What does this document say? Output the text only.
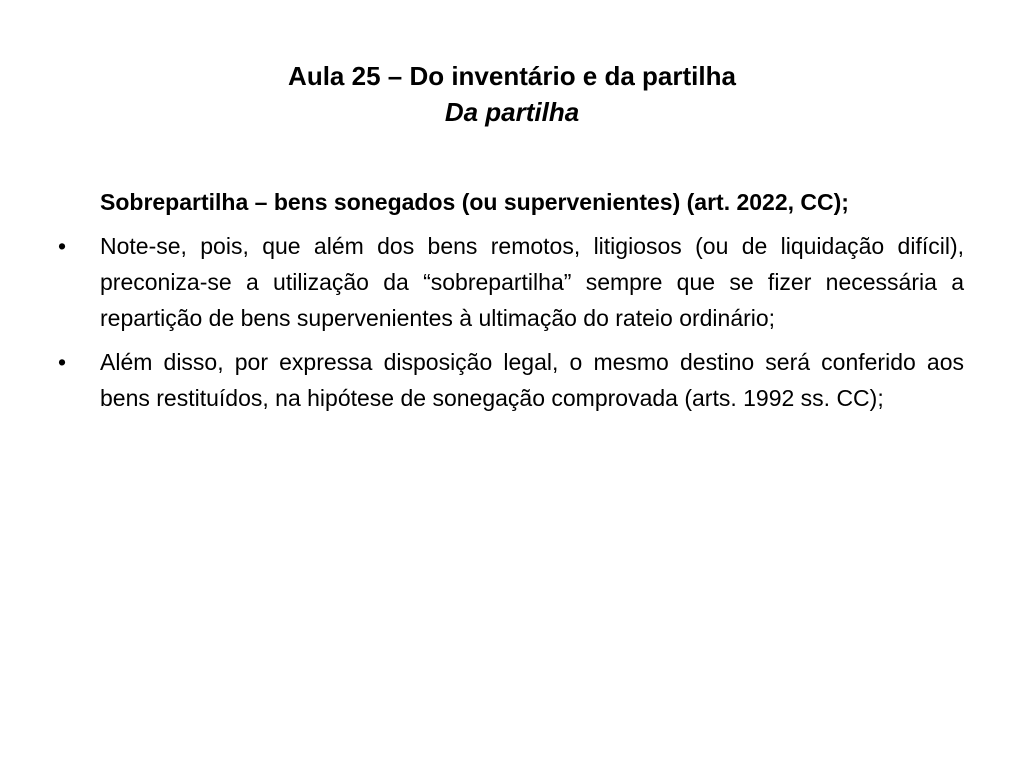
Aula 25 – Do inventário e da partilha
Da partilha
Sobrepartilha – bens sonegados (ou supervenientes) (art. 2022, CC);
•	Note-se, pois, que além dos bens remotos, litigiosos (ou de liquidação difícil), preconiza-se a utilização da “sobrepartilha” sempre que se fizer necessária a repartição de bens supervenientes à ultimação do rateio ordinário;
•	Além disso, por expressa disposição legal, o mesmo destino será conferido aos bens restituídos, na hipótese de sonegação comprovada (arts. 1992 ss. CC);
